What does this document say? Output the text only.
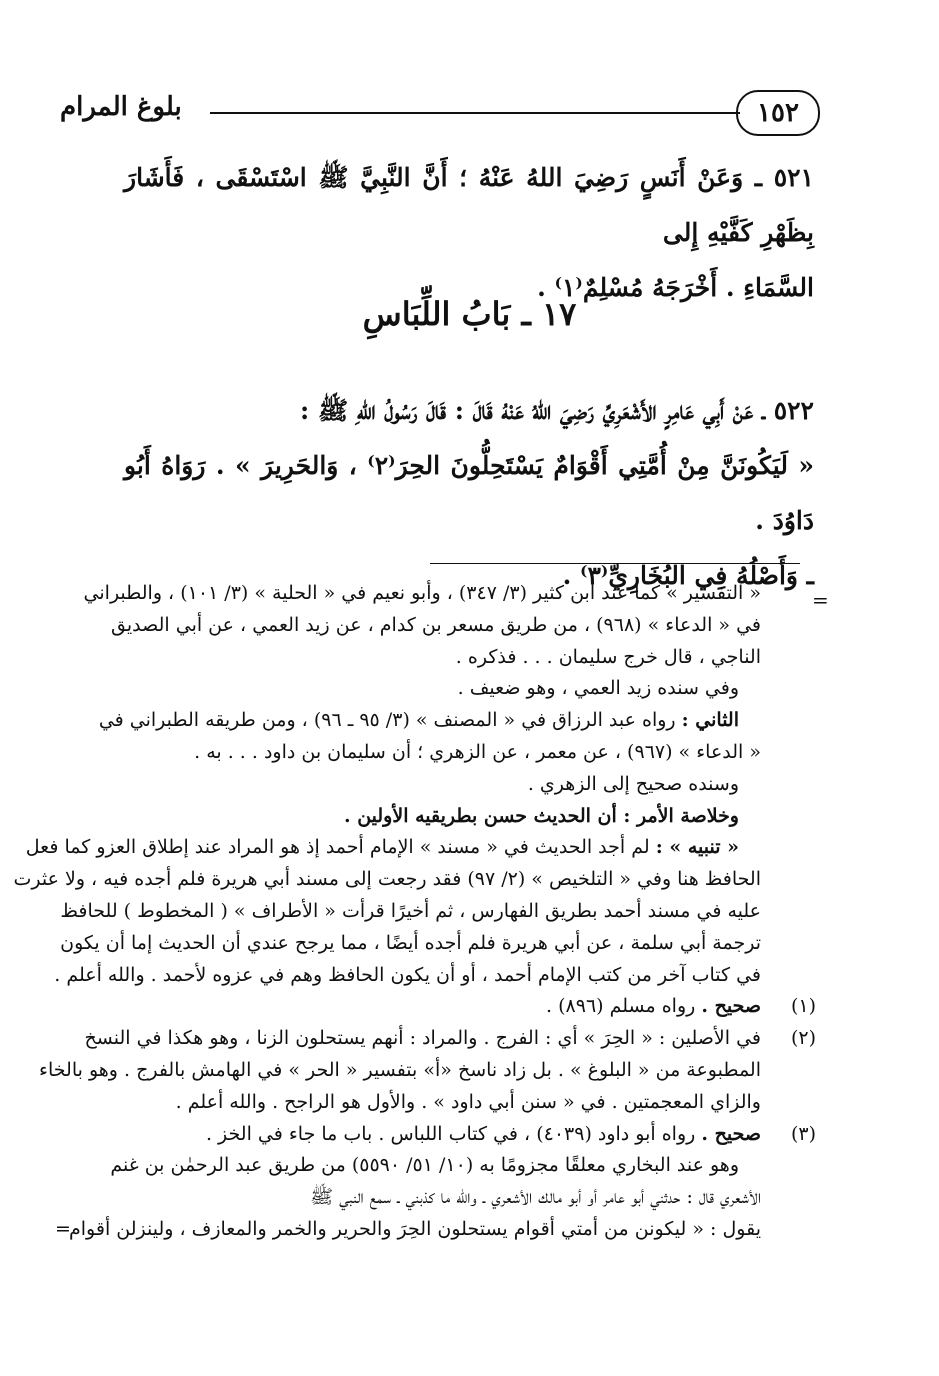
١٥٢
بلوغ المرام
٥٢١ ـ وَعَنْ أَنَسٍ رَضِيَ اللهُ عَنْهُ ؛ أَنَّ النَّبِيَّ ﷺ اسْتَسْقَى ، فَأَشَارَ بِظَهْرِ كَفَّيْهِ إِلى
السَّمَاءِ . أَخْرَجَهُ مُسْلِمٌ⁽١⁾ .
١٧ ـ بَابُ اللِّبَاسِ
٥٢٢ ـ عَنْ أَبِي عَامِرٍ الأَشْعَرِيِّ رَضِيَ اللهُ عَنْهُ قَالَ : قَالَ رَسُولُ اللهِ ﷺ :
« لَيَكُونَنَّ مِنْ أُمَّتِي أَقْوَامٌ يَسْتَحِلُّونَ الحِرَ⁽٢⁾ ، وَالحَرِيرَ » . رَوَاهُ أَبُو دَاوُدَ .
ـ وَأَصْلُهُ فِي البُخَارِيِّ⁽٣⁾ .
=
« التفسير » كما عند ابن كثير (٣/ ٣٤٧) ، وأبو نعيم في « الحلية » (٣/ ١٠١) ، والطبراني
في « الدعاء » (٩٦٨) ، من طريق مسعر بن كدام ، عن زيد العمي ، عن أبي الصديق
الناجي ، قال خرج سليمان . . . فذكره .
وفي سنده زيد العمي ، وهو ضعيف .
الثاني : رواه عبد الرزاق في « المصنف » (٣/ ٩٥ ـ ٩٦) ، ومن طريقه الطبراني في
« الدعاء » (٩٦٧) ، عن معمر ، عن الزهري ؛ أن سليمان بن داود . . . به .
وسنده صحيح إلى الزهري .
وخلاصة الأمر : أن الحديث حسن بطريقيه الأولين .
« تنبيه » : لم أجد الحديث في « مسند » الإمام أحمد إذ هو المراد عند إطلاق العزو كما فعل
الحافظ هنا وفي « التلخيص » (٢/ ٩٧) فقد رجعت إلى مسند أبي هريرة فلم أجده فيه ، ولا عثرت
عليه في مسند أحمد بطريق الفهارس ، ثم أخيرًا قرأت « الأطراف » ( المخطوط ) للحافظ
ترجمة أبي سلمة ، عن أبي هريرة فلم أجده أيضًا ، مما يرجح عندي أن الحديث إما أن يكون
في كتاب آخر من كتب الإمام أحمد ، أو أن يكون الحافظ وهم في عزوه لأحمد . والله أعلم .
(١)
صحيح . رواه مسلم (٨٩٦) .
(٢)
في الأصلين : « الحِرَ » أي : الفرج . والمراد : أنهم يستحلون الزنا ، وهو هكذا في النسخ
المطبوعة من « البلوغ » . بل زاد ناسخ «أ» بتفسير « الحر » في الهامش بالفرج . وهو بالخاء
والزاي المعجمتين . في « سنن أبي داود » . والأول هو الراجح . والله أعلم .
(٣)
صحيح . رواه أبو داود (٤٠٣٩) ، في كتاب اللباس . باب ما جاء في الخز .
وهو عند البخاري معلقًا مجزومًا به (١٠/ ٥١/ ٥٥٩٠) من طريق عبد الرحمٰن بن غنم
الأشعري قال : حدثني أبو عامر أو أبو مالك الأشعري ـ والله ما كذبني ـ سمع النبي ﷺ
يقول : « ليكونن من أمتي أقوام يستحلون الحِرَ والحرير والخمر والمعازف ، ولينزلن أقوام
=
